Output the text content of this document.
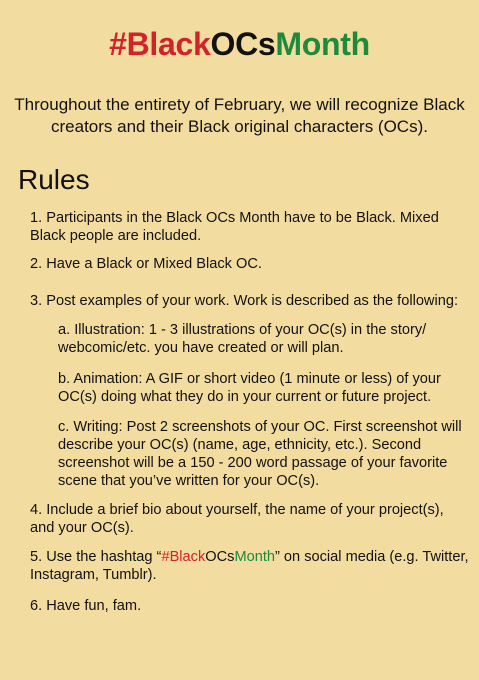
#BlackOCsMonth
Throughout the entirety of February, we will recognize Black creators and their Black original characters (OCs).
Rules
1. Participants in the Black OCs Month have to be Black. Mixed Black people are included.
2. Have a Black or Mixed Black OC.
3. Post examples of your work. Work is described as the following:
a. Illustration: 1 - 3 illustrations of your OC(s) in the story/ webcomic/etc. you have created or will plan.
b. Animation: A GIF or short video (1 minute or less) of your OC(s) doing what they do in your current or future project.
c. Writing: Post 2 screenshots of your OC. First screenshot will describe your OC(s) (name, age, ethnicity, etc.). Second screenshot will be a 150 - 200 word passage of your favorite scene that you’ve written for your OC(s).
4. Include a brief bio about yourself, the name of your project(s), and your OC(s).
5. Use the hashtag “#BlackOCsMonth” on social media (e.g. Twitter, Instagram, Tumblr).
6. Have fun, fam.
